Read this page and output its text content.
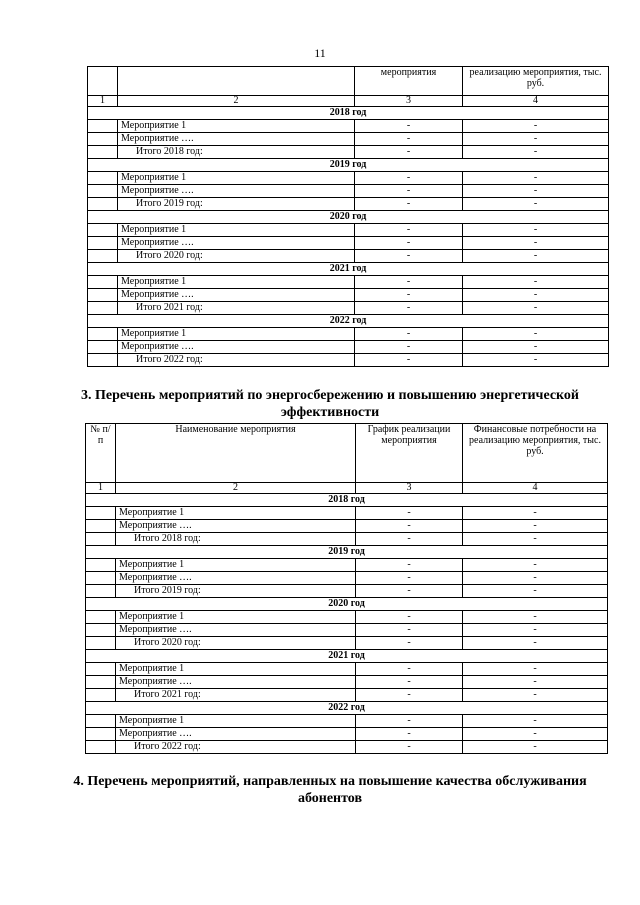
11
		мероприятия	реализацию мероприятия, тыс. руб.
1	2	3	4
2018 год			
	Мероприятие 1	-	-
	Мероприятие ….	-	-
	Итого 2018 год:	-	-
2019 год			
	Мероприятие 1	-	-
	Мероприятие ….	-	-
	Итого 2019 год:	-	-
2020 год			
	Мероприятие 1	-	-
	Мероприятие ….	-	-
	Итого 2020 год:	-	-
2021 год			
	Мероприятие 1	-	-
	Мероприятие ….	-	-
	Итого 2021 год:	-	-
2022 год			
	Мероприятие 1	-	-
	Мероприятие ….	-	-
	Итого 2022 год:	-	-
3. Перечень мероприятий по энергосбережению и повышению энергетической эффективности
№ п/п	Наименование мероприятия	График реализации мероприятия	Финансовые потребности на реализацию мероприятия, тыс. руб.
1	2	3	4
2018 год			
	Мероприятие 1	-	-
	Мероприятие ….	-	-
	Итого 2018 год:	-	-
2019 год			
	Мероприятие 1	-	-
	Мероприятие ….	-	-
	Итого 2019 год:	-	-
2020 год			
	Мероприятие 1	-	-
	Мероприятие ….	-	-
	Итого 2020 год:	-	-
2021 год			
	Мероприятие 1	-	-
	Мероприятие ….	-	-
	Итого 2021 год:	-	-
2022 год			
	Мероприятие 1	-	-
	Мероприятие ….	-	-
	Итого 2022 год:	-	-
4. Перечень мероприятий, направленных на повышение качества обслуживания абонентов
